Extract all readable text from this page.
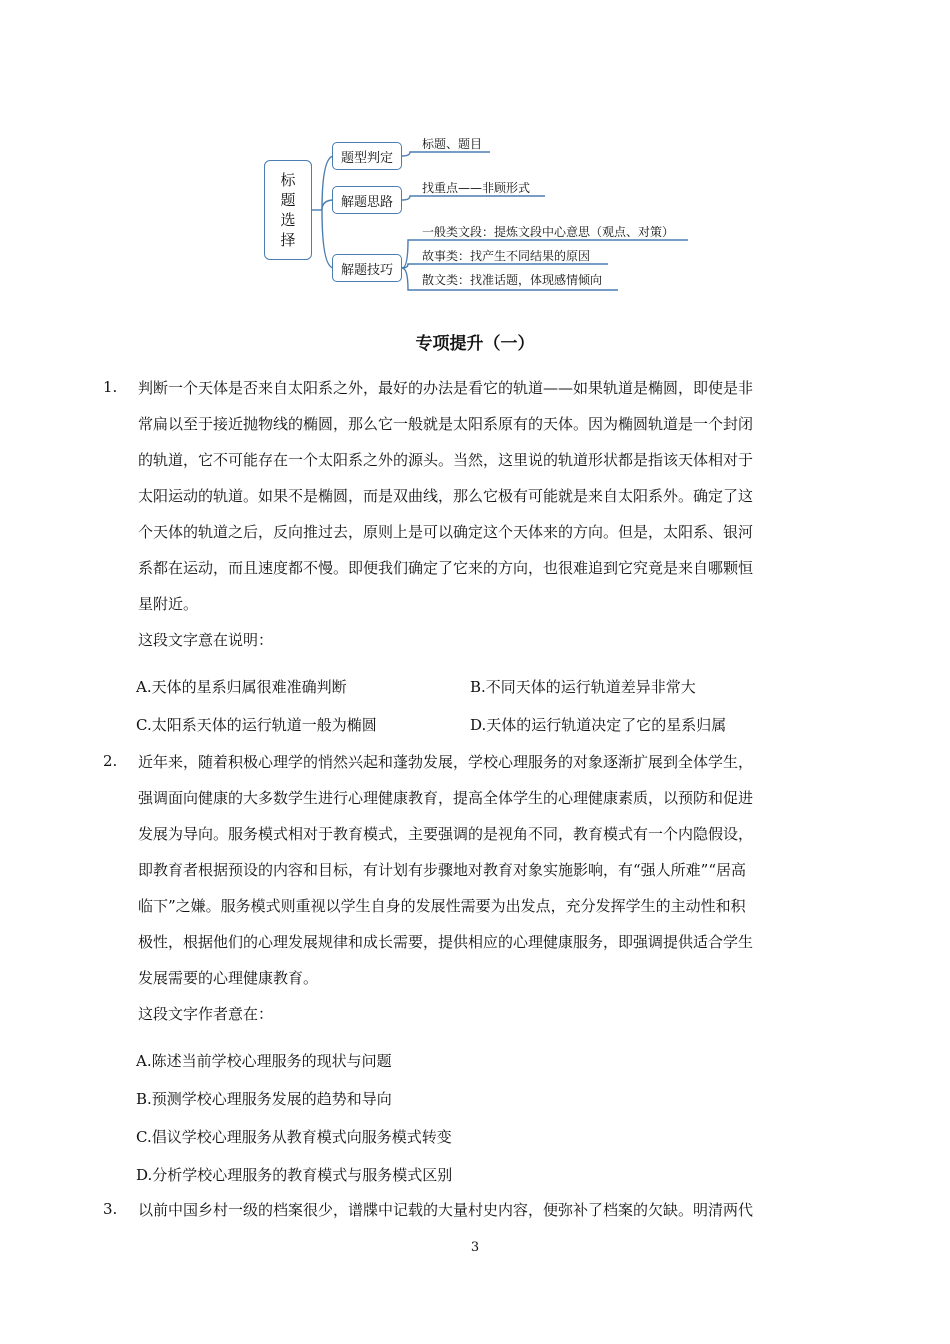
标题选择
题型判定
解题思路
解题技巧
标题、题目
找重点——非顾形式
一般类文段：提炼文段中心意思（观点、对策）
故事类：找产生不同结果的原因
散文类：找准话题，体现感情倾向
专项提升（一）
1. 判断一个天体是否来自太阳系之外，最好的办法是看它的轨道——如果轨道是椭圆，即使是非
常扁以至于接近抛物线的椭圆，那么它一般就是太阳系原有的天体。因为椭圆轨道是一个封闭
的轨道，它不可能存在一个太阳系之外的源头。当然，这里说的轨道形状都是指该天体相对于
太阳运动的轨道。如果不是椭圆，而是双曲线，那么它极有可能就是来自太阳系外。确定了这
个天体的轨道之后，反向推过去，原则上是可以确定这个天体来的方向。但是，太阳系、银河
系都在运动，而且速度都不慢。即便我们确定了它来的方向，也很难追到它究竟是来自哪颗恒
星附近。
这段文字意在说明：
A.天体的星系归属很难准确判断	B.不同天体的运行轨道差异非常大
C.太阳系天体的运行轨道一般为椭圆	D.天体的运行轨道决定了它的星系归属
2. 近年来，随着积极心理学的悄然兴起和蓬勃发展，学校心理服务的对象逐渐扩展到全体学生，
强调面向健康的大多数学生进行心理健康教育，提高全体学生的心理健康素质，以预防和促进
发展为导向。服务模式相对于教育模式，主要强调的是视角不同，教育模式有一个内隐假设，
即教育者根据预设的内容和目标，有计划有步骤地对教育对象实施影响，有“强人所难”“居高
临下”之嫌。服务模式则重视以学生自身的发展性需要为出发点，充分发挥学生的主动性和积
极性，根据他们的心理发展规律和成长需要，提供相应的心理健康服务，即强调提供适合学生
发展需要的心理健康教育。
这段文字作者意在：
A.陈述当前学校心理服务的现状与问题
B.预测学校心理服务发展的趋势和导向
C.倡议学校心理服务从教育模式向服务模式转变
D.分析学校心理服务的教育模式与服务模式区别
3. 以前中国乡村一级的档案很少，谱牒中记载的大量村史内容，便弥补了档案的欠缺。明清两代
3
